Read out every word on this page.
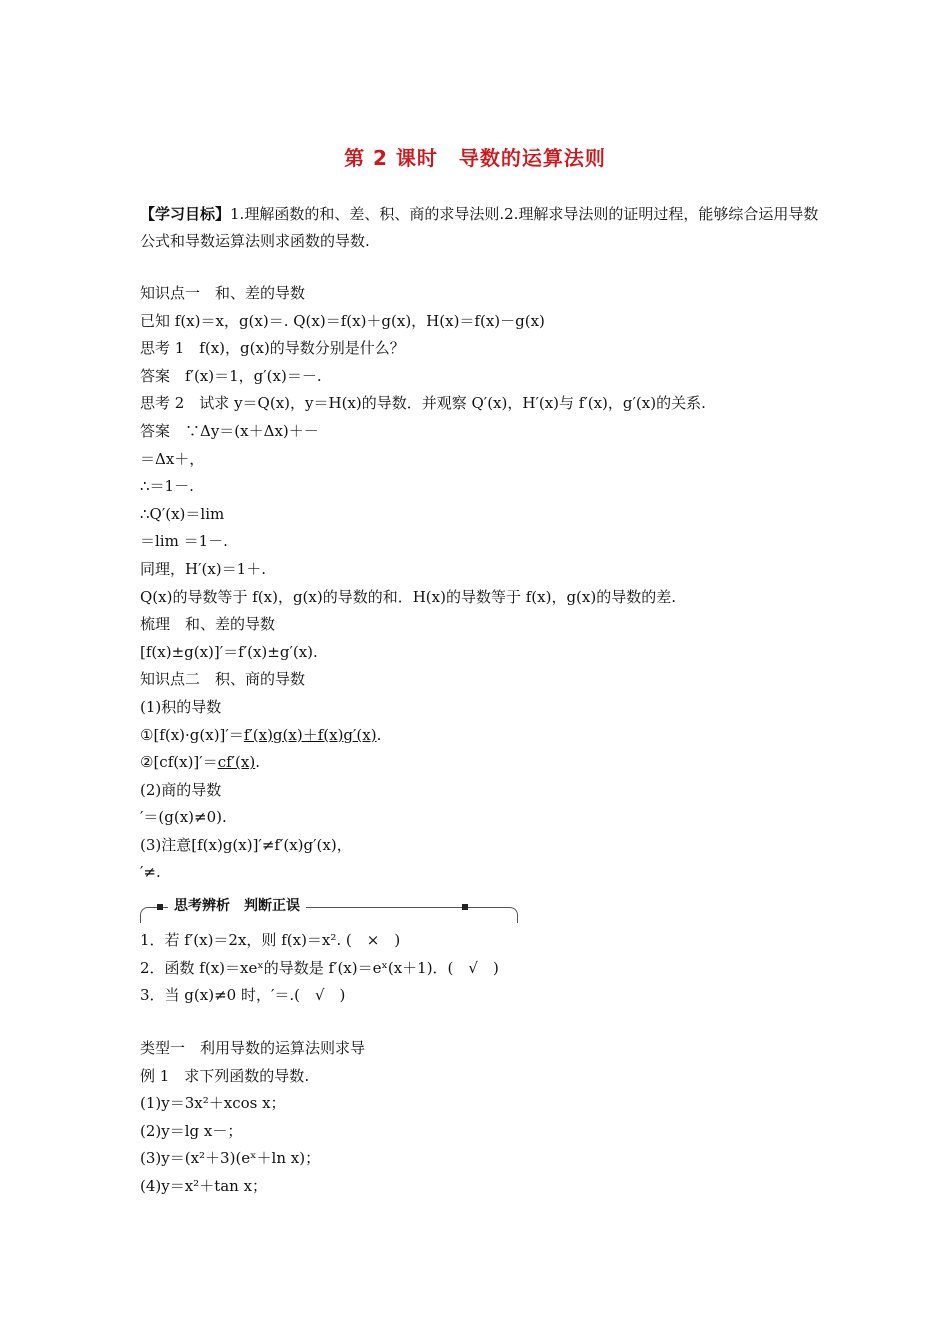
第 2 课时　导数的运算法则
【学习目标】1.理解函数的和、差、积、商的求导法则.2.理解求导法则的证明过程，能够综合运用导数公式和导数运算法则求函数的导数.
知识点一　和、差的导数
已知 f(x)＝x，g(x)＝. Q(x)＝f(x)＋g(x)，H(x)＝f(x)－g(x)
思考 1　f(x)，g(x)的导数分别是什么？
答案　f′(x)＝1，g′(x)＝－.
思考 2　试求 y＝Q(x)，y＝H(x)的导数．并观察 Q′(x)，H′(x)与 f′(x)，g′(x)的关系.
答案　∵Δy＝(x＋Δx)＋－
＝Δx＋，
∴＝1－.
∴Q′(x)＝lim
＝lim ＝1－.
同理，H′(x)＝1＋.
Q(x)的导数等于 f(x)，g(x)的导数的和．H(x)的导数等于 f(x)，g(x)的导数的差.
梳理　和、差的导数
[f(x)±g(x)]′＝f′(x)±g′(x).
知识点二　积、商的导数
(1)积的导数
①[f(x)·g(x)]′＝f′(x)g(x)＋f(x)g′(x).
②[cf(x)]′＝cf′(x).
(2)商的导数
′＝(g(x)≠0).
(3)注意[f(x)g(x)]′≠f′(x)g′(x)，
′≠.
思考辨析　判断正误
1．若 f′(x)＝2x，则 f(x)＝x². (　×　)
2．函数 f(x)＝xeˣ的导数是 f′(x)＝eˣ(x＋1)．(　√　)
3．当 g(x)≠0 时，′＝.(　√　)
类型一　利用导数的运算法则求导
例 1　求下列函数的导数.
(1)y＝3x²＋xcos x；
(2)y＝lg x－；
(3)y＝(x²＋3)(eˣ＋ln x)；
(4)y＝x²＋tan x；
